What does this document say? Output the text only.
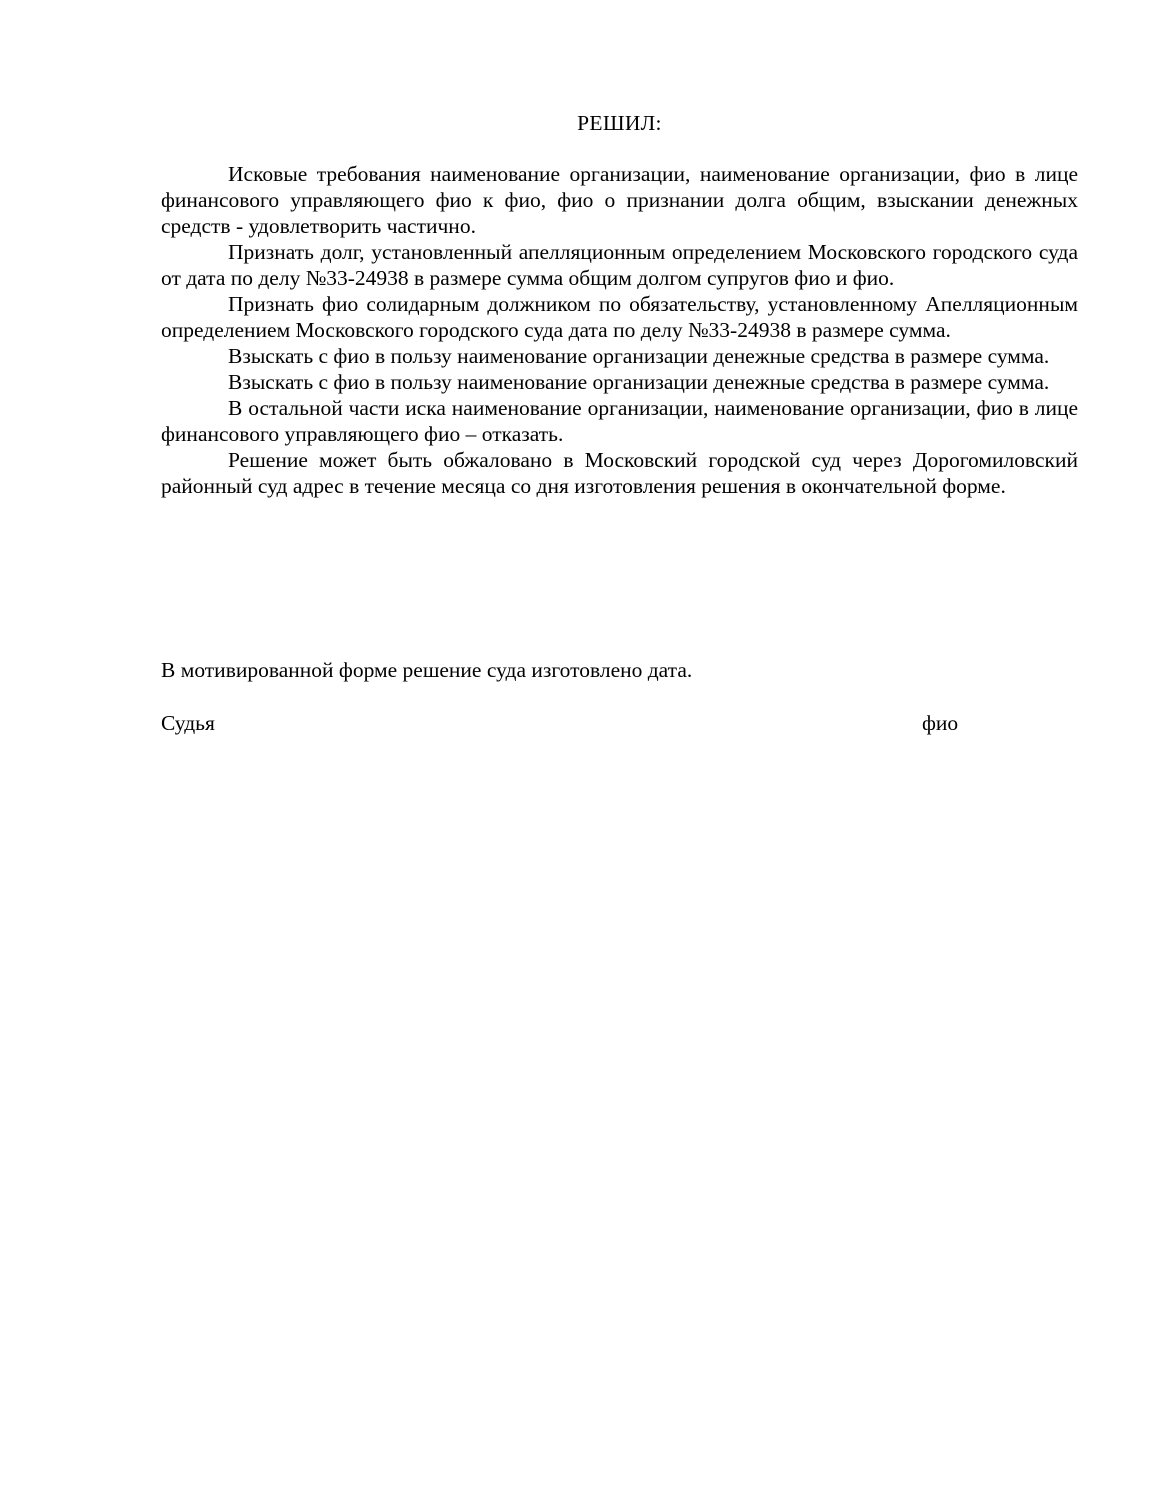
РЕШИЛ:

Исковые требования наименование организации, наименование организации, фио в лице финансового управляющего фио к фио, фио о признании долга общим, взыскании денежных средств - удовлетворить частично.

Признать долг, установленный апелляционным определением Московского городского суда от дата по делу №33-24938 в размере сумма общим долгом супругов фио и фио.

Признать фио солидарным должником по обязательству, установленному Апелляционным определением Московского городского суда дата по делу №33-24938 в размере сумма.

Взыскать с фио в пользу наименование организации денежные средства в размере сумма.

Взыскать с фио в пользу наименование организации денежные средства в размере сумма.

В остальной части иска наименование организации, наименование организации, фио в лице финансового управляющего фио – отказать.

Решение может быть обжаловано в Московский городской суд через Дорогомиловский районный суд адрес в течение месяца со дня изготовления решения в окончательной форме.

В мотивированной форме решение суда изготовлено дата.

Судья	фио
